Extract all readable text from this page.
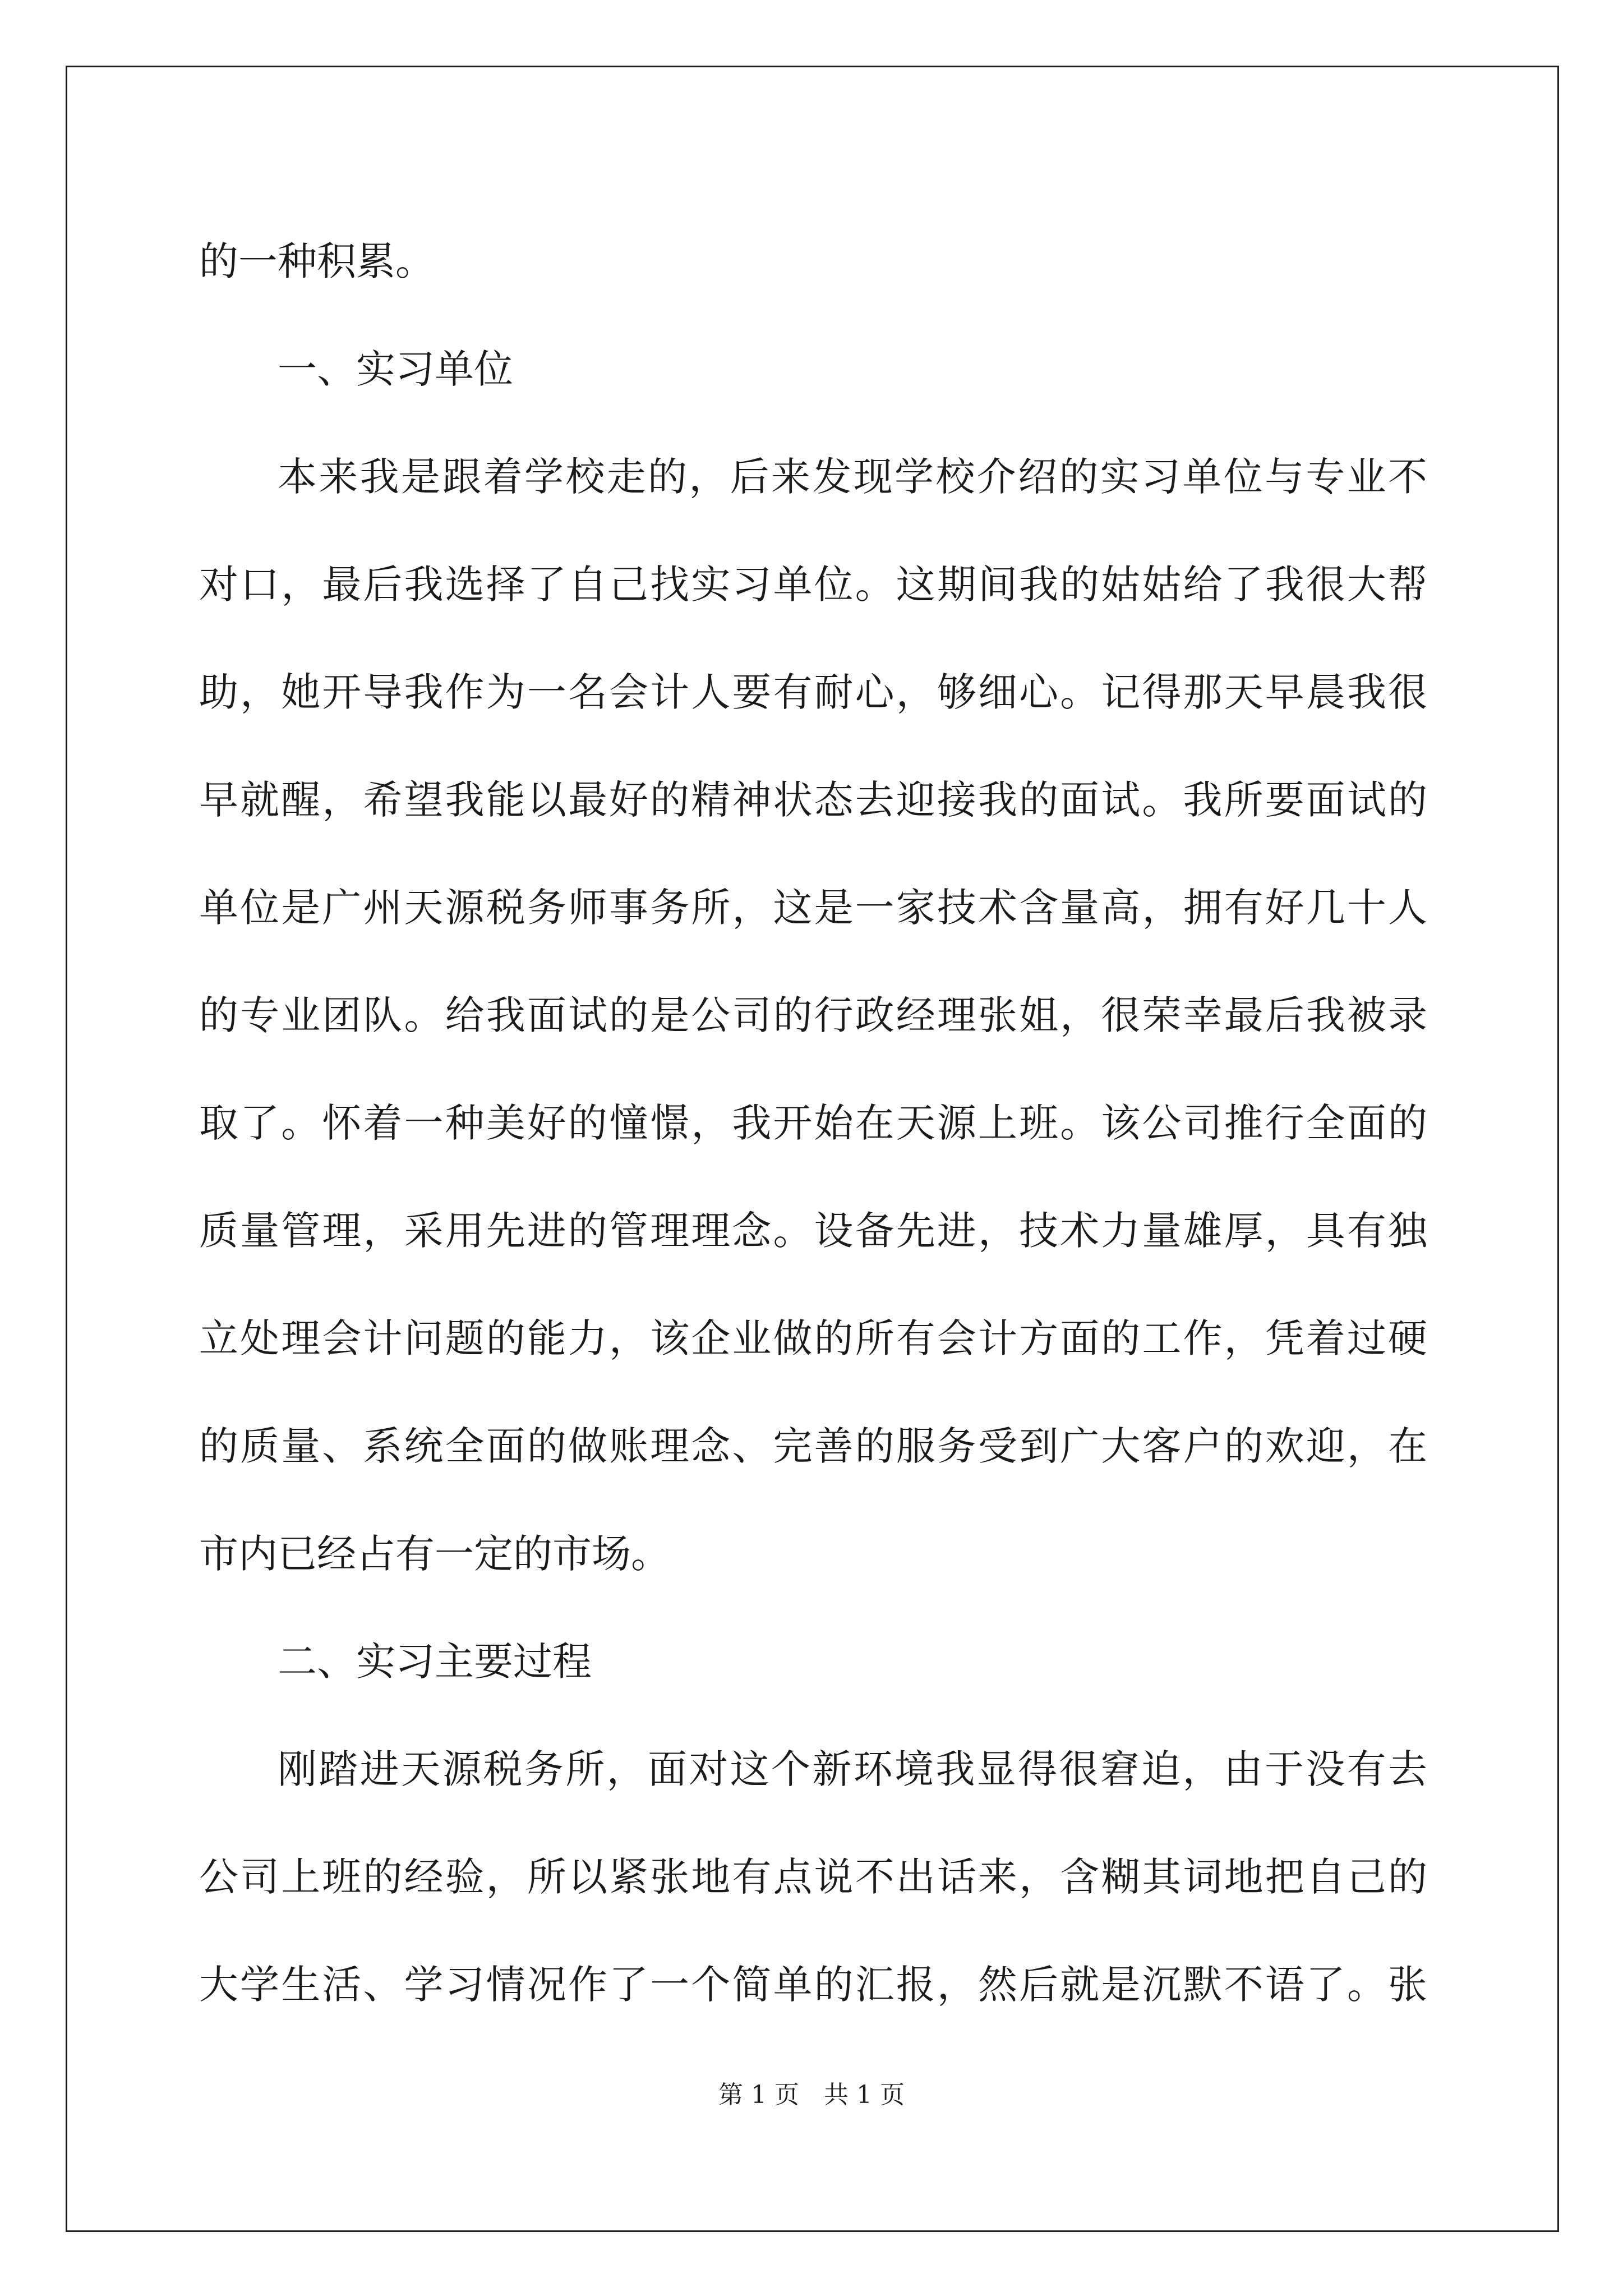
的一种积累。
一、实习单位
本来我是跟着学校走的，后来发现学校介绍的实习单位与专业不
对口，最后我选择了自己找实习单位。这期间我的姑姑给了我很大帮
助，她开导我作为一名会计人要有耐心，够细心。记得那天早晨我很
早就醒，希望我能以最好的精神状态去迎接我的面试。我所要面试的
单位是广州天源税务师事务所，这是一家技术含量高，拥有好几十人
的专业团队。给我面试的是公司的行政经理张姐，很荣幸最后我被录
取了。怀着一种美好的憧憬，我开始在天源上班。该公司推行全面的
质量管理，采用先进的管理理念。设备先进，技术力量雄厚，具有独
立处理会计问题的能力，该企业做的所有会计方面的工作，凭着过硬
的质量、系统全面的做账理念、完善的服务受到广大客户的欢迎，在
市内已经占有一定的市场。
二、实习主要过程
刚踏进天源税务所，面对这个新环境我显得很窘迫，由于没有去
公司上班的经验，所以紧张地有点说不出话来，含糊其词地把自己的
大学生活、学习情况作了一个简单的汇报，然后就是沉默不语了。张
第 1 页　共 1 页
